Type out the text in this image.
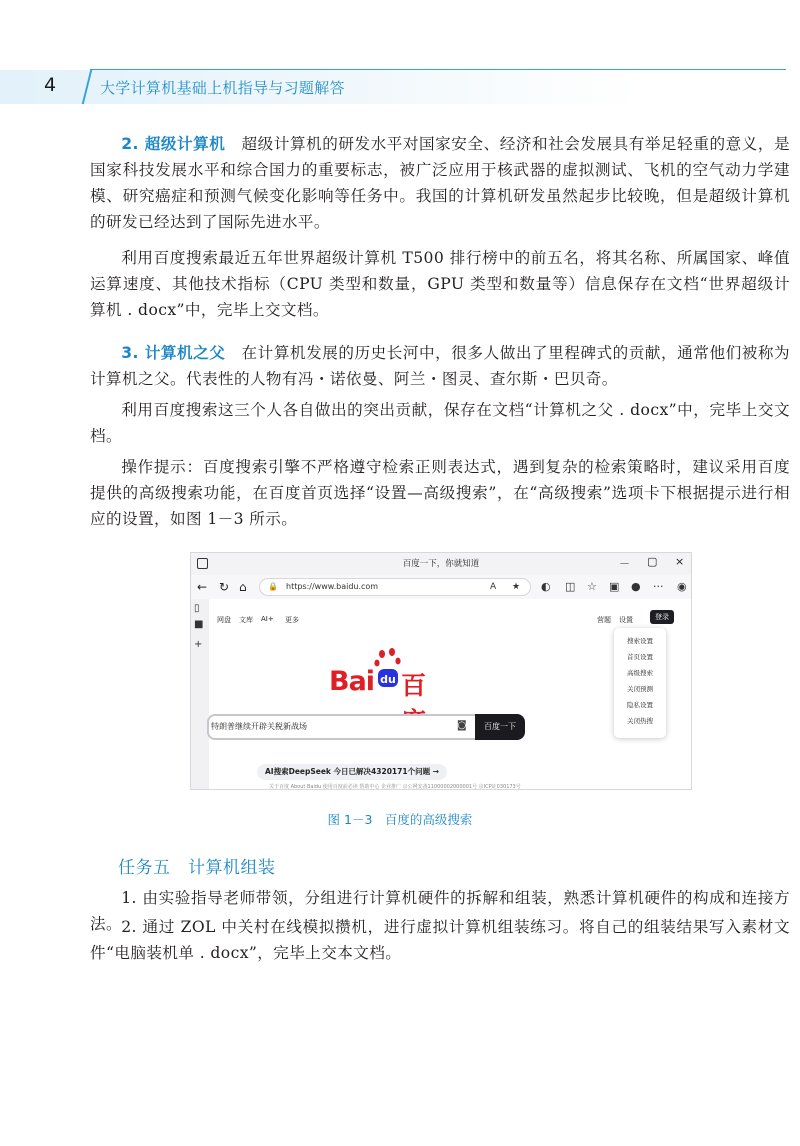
4	大学计算机基础上机指导与习题解答

2. 超级计算机　 超级计算机的研发水平对国家安全、经济和社会发展具有举足轻重的意义，是国家科技发展水平和综合国力的重要标志，被广泛应用于核武器的虚拟测试、飞机的空气动力学建模、研究癌症和预测气候变化影响等任务中。我国的计算机研发虽然起步比较晚，但是超级计算机的研发已经达到了国际先进水平。

利用百度搜索最近五年世界超级计算机 T500 排行榜中的前五名，将其名称、所属国家、峰值运算速度、其他技术指标（CPU 类型和数量，GPU 类型和数量等）信息保存在文档“世界超级计算机 . docx”中，完毕上交文档。

3. 计算机之父　 在计算机发展的历史长河中，很多人做出了里程碑式的贡献，通常他们被称为计算机之父。代表性的人物有冯・诺依曼、阿兰・图灵、查尔斯・巴贝奇。

利用百度搜索这三个人各自做出的突出贡献，保存在文档“计算机之父 . docx”中，完毕上交文档。

操作提示：百度搜索引擎不严格遵守检索正则表达式，遇到复杂的检索策略时，建议采用百度提供的高级搜索功能，在百度首页选择“设置—高级搜索”，在“高级搜索”选项卡下根据提示进行相应的设置，如图 1－3 所示。

百度一下，你就知道	－ ▢ ×
← ↻ ⌂	🔒 https://www.baidu.com	A ★ ◐ ◫ ☆ ▣ ● ··· ◉
▯
■
+
网盘 文库 AI+ 更多	营题 设置	登录
搜索设置
首页设置
高级搜索
关闭预测
隐私设置
关闭热搜
Bai du 百
特朗普继续开辟关税新战场	◙	百度一下
AI搜索DeepSeek 今日已解决4320171个问题 →
关于百度 About Baidu 使用百度前必读 帮助中心 企业推广 京公网安备11000002000001号 京ICP证030173号
图 1－3　百度的高级搜索
任务五　计算机组装

1. 由实验指导老师带领，分组进行计算机硬件的拆解和组装，熟悉计算机硬件的构成和连接方法。 2. 通过 ZOL 中关村在线模拟攒机，进行虚拟计算机组装练习。将自己的组装结果写入素材文件“电脑装机单 . docx”，完毕上交本文档。
